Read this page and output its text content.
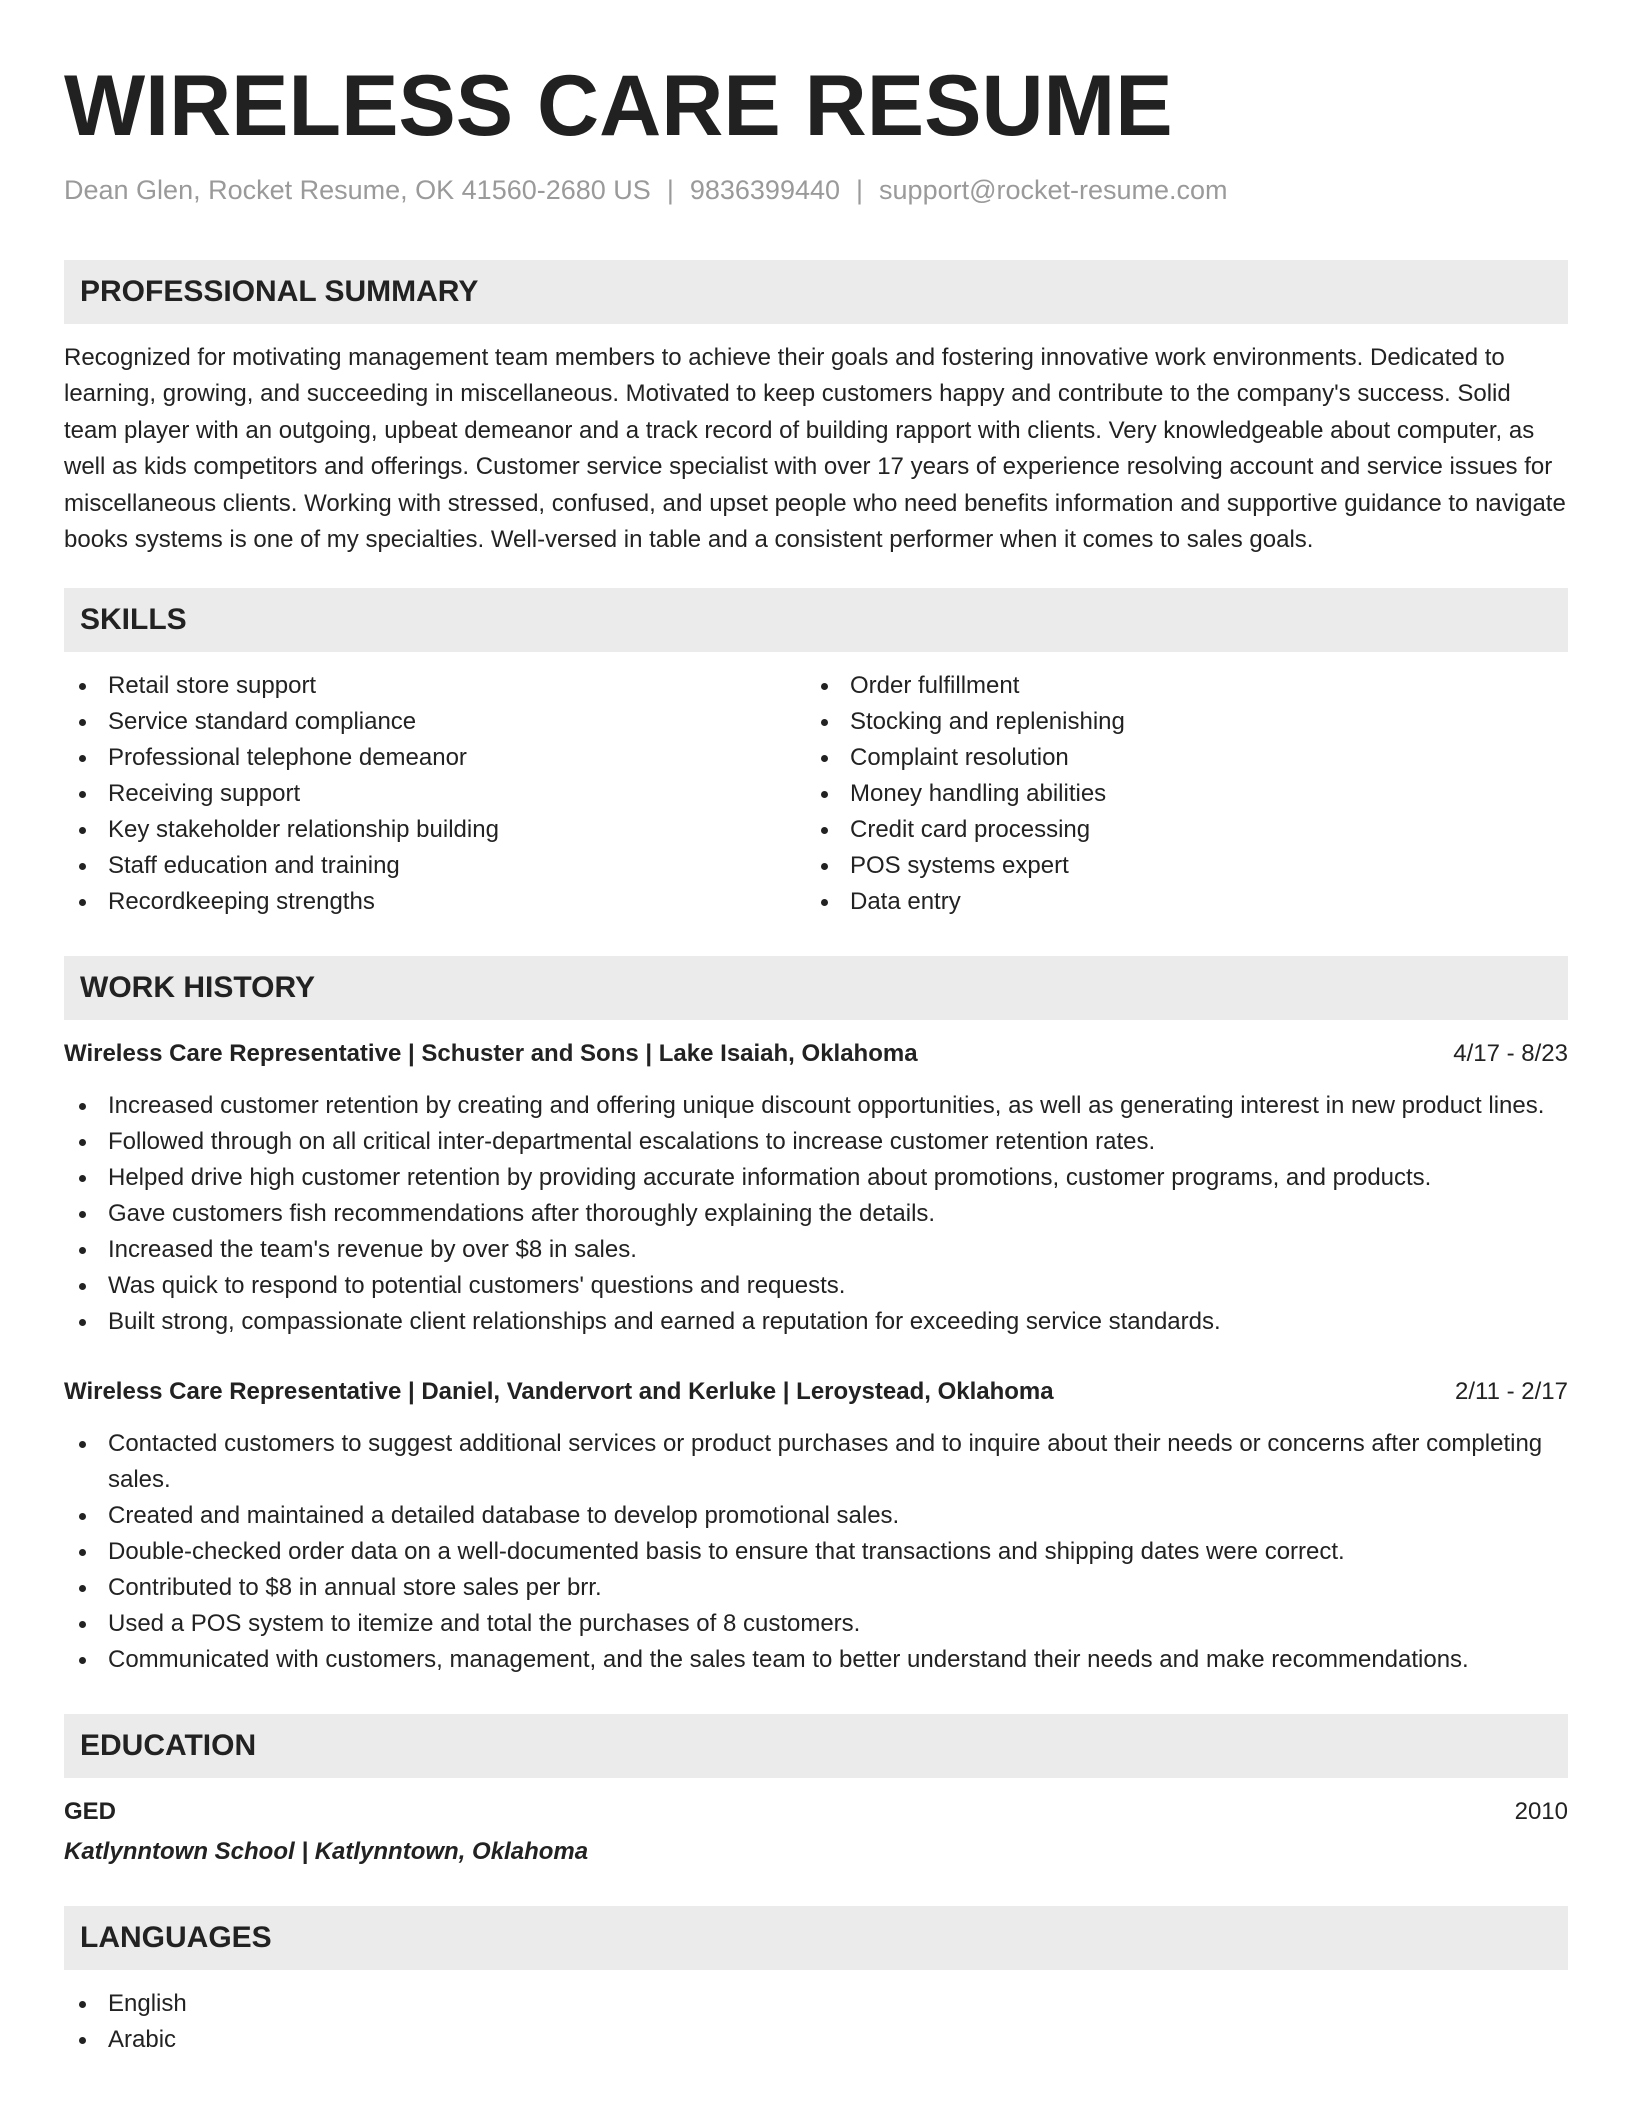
WIRELESS CARE RESUME
Dean Glen, Rocket Resume, OK 41560-2680 US | 9836399440 | support@rocket-resume.com
PROFESSIONAL SUMMARY

Recognized for motivating management team members to achieve their goals and fostering innovative work environments. Dedicated to learning, growing, and succeeding in miscellaneous. Motivated to keep customers happy and contribute to the company's success. Solid team player with an outgoing, upbeat demeanor and a track record of building rapport with clients. Very knowledgeable about computer, as well as kids competitors and offerings. Customer service specialist with over 17 years of experience resolving account and service issues for miscellaneous clients. Working with stressed, confused, and upset people who need benefits information and supportive guidance to navigate books systems is one of my specialties. Well-versed in table and a consistent performer when it comes to sales goals.

SKILLS
Retail store support
Service standard compliance
Professional telephone demeanor
Receiving support
Key stakeholder relationship building
Staff education and training
Recordkeeping strengths
Order fulfillment
Stocking and replenishing
Complaint resolution
Money handling abilities
Credit card processing
POS systems expert
Data entry
WORK HISTORY
Wireless Care Representative | Schuster and Sons | Lake Isaiah, Oklahoma	4/17 - 8/23
Increased customer retention by creating and offering unique discount opportunities, as well as generating interest in new product lines.
Followed through on all critical inter-departmental escalations to increase customer retention rates.
Helped drive high customer retention by providing accurate information about promotions, customer programs, and products.
Gave customers fish recommendations after thoroughly explaining the details.
Increased the team's revenue by over $8 in sales.
Was quick to respond to potential customers' questions and requests.
Built strong, compassionate client relationships and earned a reputation for exceeding service standards.
Wireless Care Representative | Daniel, Vandervort and Kerluke | Leroystead, Oklahoma	2/11 - 2/17
Contacted customers to suggest additional services or product purchases and to inquire about their needs or concerns after completing sales.
Created and maintained a detailed database to develop promotional sales.
Double-checked order data on a well-documented basis to ensure that transactions and shipping dates were correct.
Contributed to $8 in annual store sales per brr.
Used a POS system to itemize and total the purchases of 8 customers.
Communicated with customers, management, and the sales team to better understand their needs and make recommendations.
EDUCATION
GED	2010
Katlynntown School | Katlynntown, Oklahoma
LANGUAGES
English
Arabic
